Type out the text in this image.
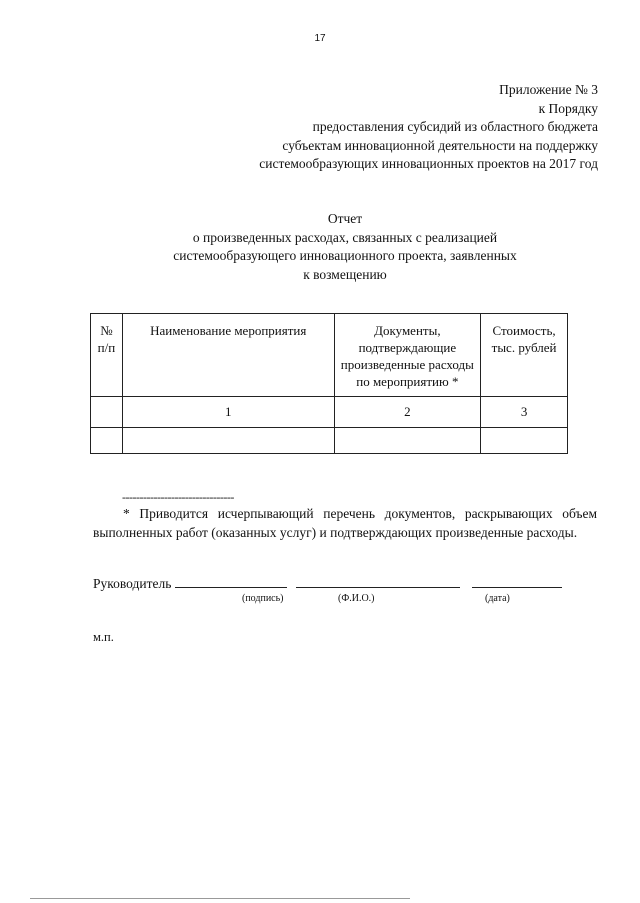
17
Приложение № 3
к Порядку
предоставления субсидий из областного бюджета
субъектам инновационной деятельности на поддержку
системообразующих инновационных проектов на 2017 год
Отчет
о произведенных расходах, связанных с реализацией
системообразующего инновационного проекта, заявленных
к возмещению
№ п/п	Наименование мероприятия	Документы, подтверждающие произведенные расходы по мероприятию *	Стоимость, тыс. рублей
	1	2	3

--------------------------------
* Приводится исчерпывающий перечень документов, раскрывающих объем выполненных работ (оказанных услуг) и подтверждающих произведенные расходы.
Руководитель
(подпись)	(Ф.И.О.)	(дата)
м.п.
